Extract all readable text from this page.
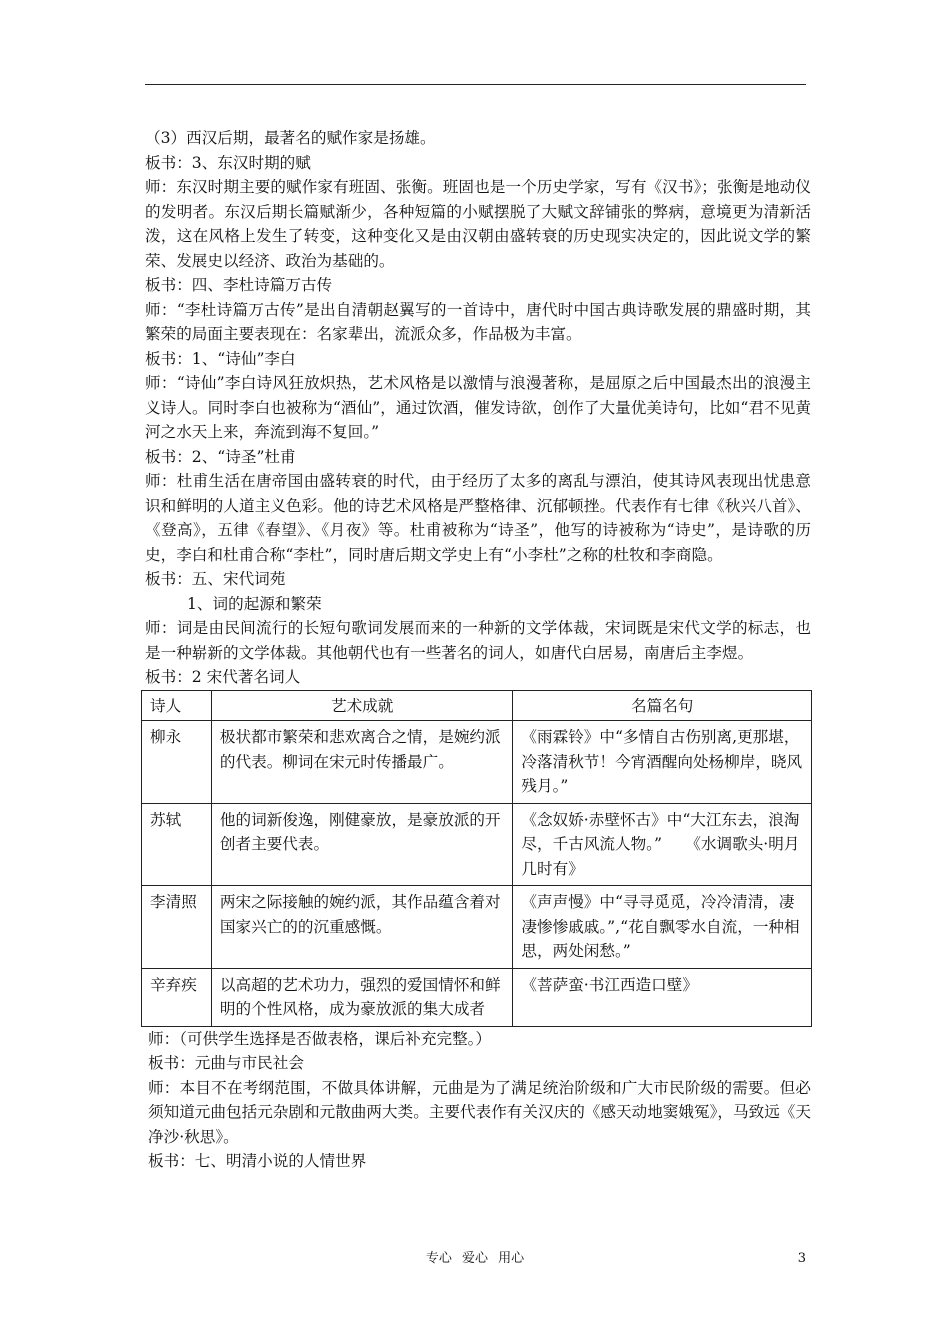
（3）西汉后期，最著名的赋作家是扬雄。

板书：3、东汉时期的赋

师：东汉时期主要的赋作家有班固、张衡。班固也是一个历史学家，写有《汉书》；张衡是地动仪的发明者。东汉后期长篇赋渐少，各种短篇的小赋摆脱了大赋文辞铺张的弊病，意境更为清新活泼，这在风格上发生了转变，这种变化又是由汉朝由盛转衰的历史现实决定的，因此说文学的繁荣、发展史以经济、政治为基础的。

板书：四、李杜诗篇万古传

师：“李杜诗篇万古传”是出自清朝赵翼写的一首诗中，唐代时中国古典诗歌发展的鼎盛时期，其繁荣的局面主要表现在：名家辈出，流派众多，作品极为丰富。

板书：1、“诗仙”李白

师：“诗仙”李白诗风狂放炽热，艺术风格是以激情与浪漫著称，是屈原之后中国最杰出的浪漫主义诗人。同时李白也被称为“酒仙”，通过饮酒，催发诗欲，创作了大量优美诗句，比如“君不见黄河之水天上来，奔流到海不复回。”

板书：2、“诗圣”杜甫

师：杜甫生活在唐帝国由盛转衰的时代，由于经历了太多的离乱与漂泊，使其诗风表现出忧患意识和鲜明的人道主义色彩。他的诗艺术风格是严整格律、沉郁顿挫。代表作有七律《秋兴八首》、《登高》，五律《春望》、《月夜》等。杜甫被称为“诗圣”，他写的诗被称为“诗史”，是诗歌的历史，李白和杜甫合称“李杜”，同时唐后期文学史上有“小李杜”之称的杜牧和李商隐。

板书：五、宋代词苑

1、词的起源和繁荣

师：词是由民间流行的长短句歌词发展而来的一种新的文学体裁，宋词既是宋代文学的标志，也是一种崭新的文学体裁。其他朝代也有一些著名的词人，如唐代白居易，南唐后主李煜。

板书：2 宋代著名词人

诗人	艺术成就	名篇名句
柳永	极状都市繁荣和悲欢离合之情，是婉约派的代表。柳词在宋元时传播最广。	《雨霖铃》中“多情自古伤别离,更那堪，冷落清秋节！今宵酒醒向处杨柳岸，晓风残月。”
苏轼	他的词新俊逸，刚健豪放，是豪放派的开创者主要代表。	《念奴娇·赤壁怀古》中“大江东去，浪淘尽，千古风流人物。”　　《水调歌头·明月几时有》
李清照	两宋之际接触的婉约派，其作品蕴含着对国家兴亡的的沉重感慨。	《声声慢》中“寻寻觅觅，冷冷清清，凄凄惨惨戚戚。”,“花自飘零水自流，一种相思，两处闲愁。”
辛弃疾	以高超的艺术功力，强烈的爱国情怀和鲜明的个性风格，成为豪放派的集大成者	《菩萨蛮·书江西造口壁》

师：（可供学生选择是否做表格，课后补充完整。）

板书：元曲与市民社会

师：本目不在考纲范围，不做具体讲解，元曲是为了满足统治阶级和广大市民阶级的需要。但必须知道元曲包括元杂剧和元散曲两大类。主要代表作有关汉庆的《感天动地窦娥冤》，马致远《天净沙·秋思》。

板书：七、明清小说的人情世界

专心 爱心 用心	3
